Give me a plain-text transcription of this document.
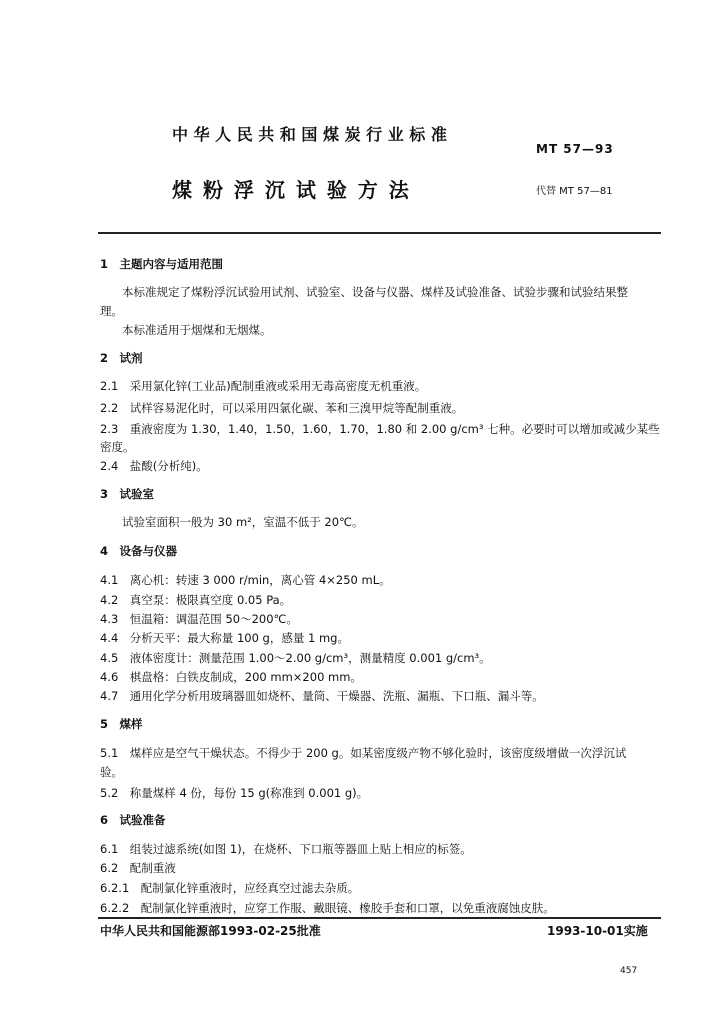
中 华 人 民 共 和 国 煤 炭 行 业 标 准
MT 57—93
煤 粉 浮 沉 试 验 方 法	代替 MT 57—81
1　主题内容与适用范围
本标准规定了煤粉浮沉试验用试剂、试验室、设备与仪器、煤样及试验准备、试验步骤和试验结果整
理。
本标准适用于烟煤和无烟煤。
2　试剂
2.1　采用氯化锌(工业品)配制重液或采用无毒高密度无机重液。
2.2　试样容易泥化时，可以采用四氯化碳、苯和三溴甲烷等配制重液。
2.3　重液密度为 1.30，1.40，1.50，1.60，1.70，1.80 和 2.00 g/cm³ 七种。必要时可以增加或减少某些
密度。
2.4　盐酸(分析纯)。
3　试验室
试验室面积一般为 30 m²，室温不低于 20℃。
4　设备与仪器
4.1　离心机：转速 3 000 r/min，离心管 4×250 mL。
4.2　真空泵：极限真空度 0.05 Pa。
4.3　恒温箱：调温范围 50～200℃。
4.4　分析天平：最大称量 100 g，感量 1 mg。
4.5　液体密度计：测量范围 1.00～2.00 g/cm³，测量精度 0.001 g/cm³。
4.6　棋盘格：白铁皮制成，200 mm×200 mm。
4.7　通用化学分析用玻璃器皿如烧杯、量筒、干燥器、洗瓶、漏瓶、下口瓶、漏斗等。
5　煤样
5.1　煤样应是空气干燥状态。不得少于 200 g。如某密度级产物不够化验时，该密度级增做一次浮沉试
验。
5.2　称量煤样 4 份，每份 15 g(称准到 0.001 g)。
6　试验准备
6.1　组装过滤系统(如图 1)，在烧杯、下口瓶等器皿上贴上相应的标签。
6.2　配制重液
6.2.1　配制氯化锌重液时，应经真空过滤去杂质。
6.2.2　配制氯化锌重液时，应穿工作服、戴眼镜、橡胶手套和口罩，以免重液腐蚀皮肤。
中华人民共和国能源部1993-02-25批准	1993-10-01实施
457
